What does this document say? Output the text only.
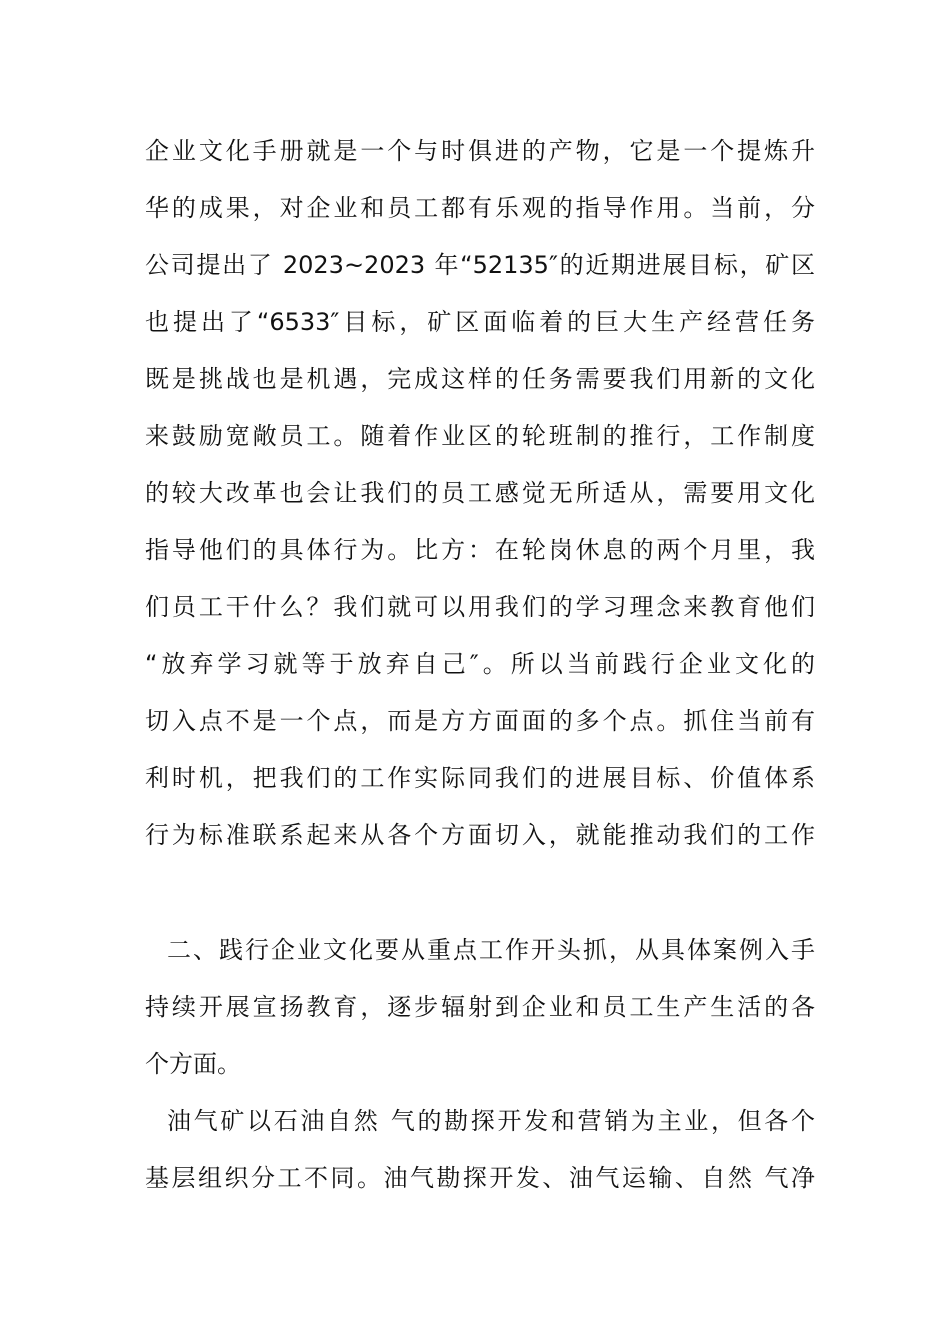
企业文化手册就是一个与时俱进的产物，它是一个提炼升
华的成果，对企业和员工都有乐观的指导作用。当前，分
公司提出了 2023~2023 年“52135″的近期进展目标，矿区
也提出了“6533″目标，矿区面临着的巨大生产经营任务
既是挑战也是机遇，完成这样的任务需要我们用新的文化
来鼓励宽敞员工。随着作业区的轮班制的推行，工作制度
的较大改革也会让我们的员工感觉无所适从，需要用文化
指导他们的具体行为。比方：在轮岗休息的两个月里，我
们员工干什么？我们就可以用我们的学习理念来教育他们
“放弃学习就等于放弃自己″。所以当前践行企业文化的
切入点不是一个点，而是方方面面的多个点。抓住当前有
利时机，把我们的工作实际同我们的进展目标、价值体系
行为标准联系起来从各个方面切入，就能推动我们的工作
二、践行企业文化要从重点工作开头抓，从具体案例入手
持续开展宣扬教育，逐步辐射到企业和员工生产生活的各
个方面。
油气矿以石油自然 气的勘探开发和营销为主业，但各个
基层组织分工不同。油气勘探开发、油气运输、自然 气净
